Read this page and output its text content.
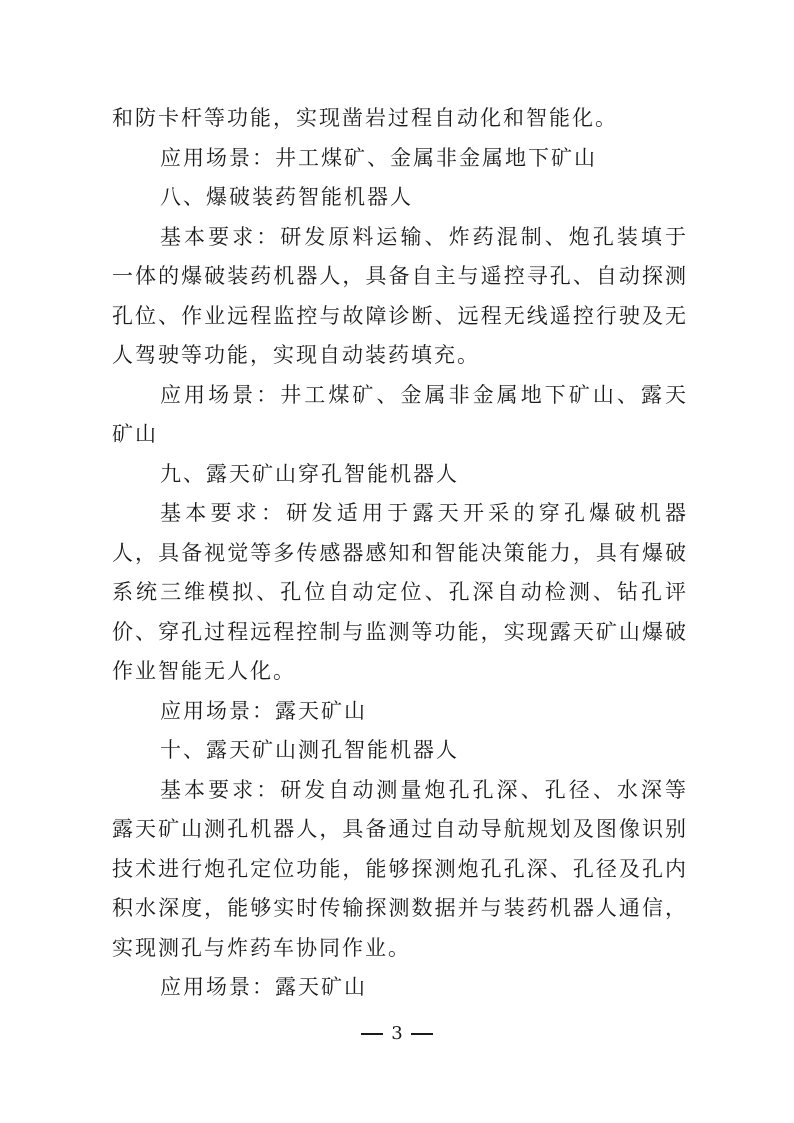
和防卡杆等功能，实现凿岩过程自动化和智能化。

应用场景：井工煤矿、金属非金属地下矿山

八、爆破装药智能机器人

基本要求：研发原料运输、炸药混制、炮孔装填于一体的爆破装药机器人，具备自主与遥控寻孔、自动探测孔位、作业远程监控与故障诊断、远程无线遥控行驶及无人驾驶等功能，实现自动装药填充。

应用场景：井工煤矿、金属非金属地下矿山、露天矿山

九、露天矿山穿孔智能机器人

基本要求：研发适用于露天开采的穿孔爆破机器人，具备视觉等多传感器感知和智能决策能力，具有爆破系统三维模拟、孔位自动定位、孔深自动检测、钻孔评价、穿孔过程远程控制与监测等功能，实现露天矿山爆破作业智能无人化。

应用场景：露天矿山

十、露天矿山测孔智能机器人

基本要求：研发自动测量炮孔孔深、孔径、水深等露天矿山测孔机器人，具备通过自动导航规划及图像识别技术进行炮孔定位功能，能够探测炮孔孔深、孔径及孔内积水深度，能够实时传输探测数据并与装药机器人通信，实现测孔与炸药车协同作业。

应用场景：露天矿山

3
